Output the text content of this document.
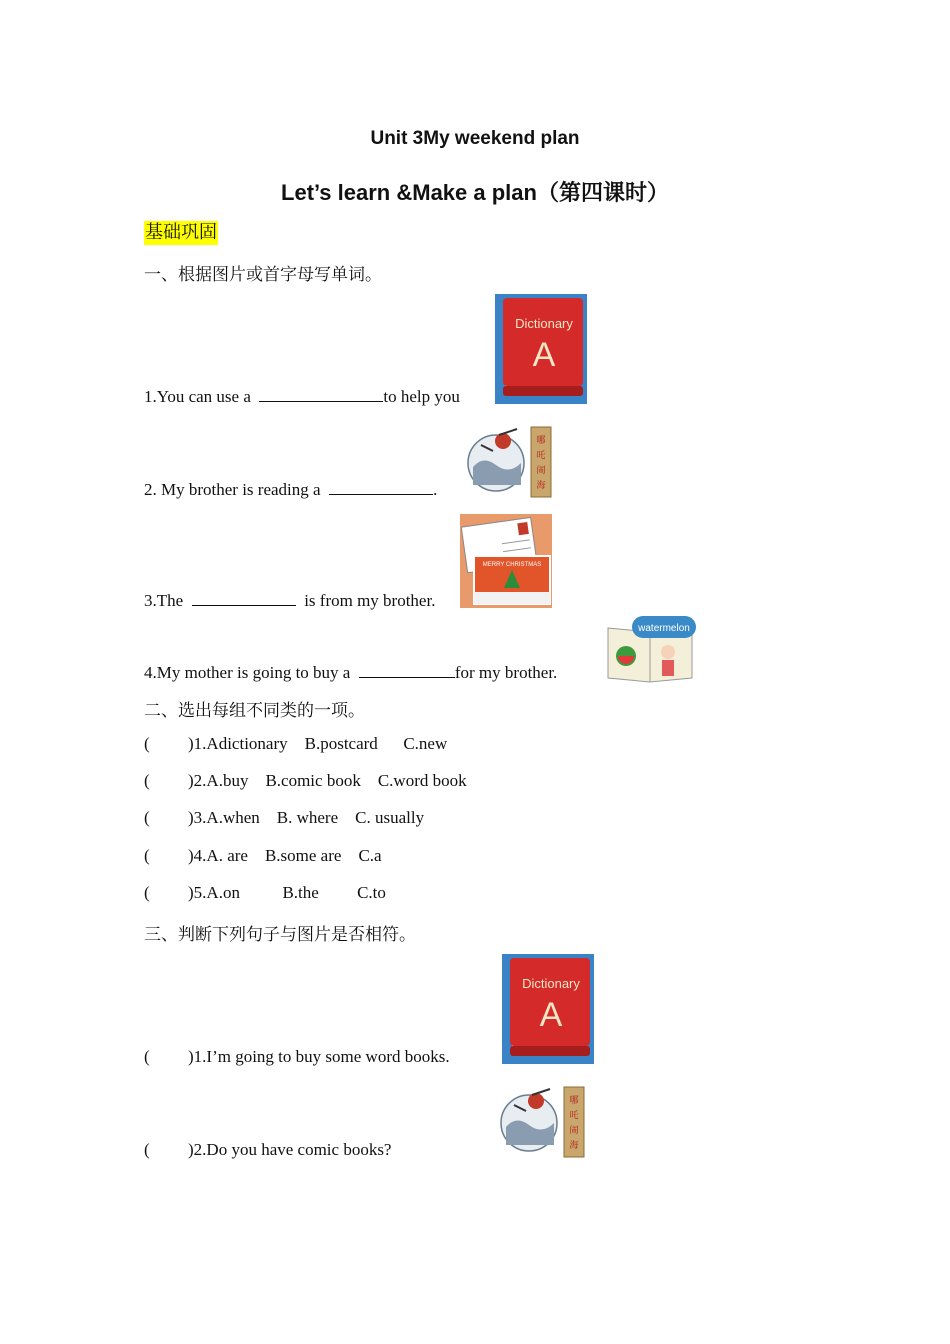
Unit 3My weekend plan
Let’s learn &Make a plan（第四课时）
基础巩固
一、根据图片或首字母写单词。
Dictionary
A
1.You can use a	to help you
哪
吒
闹
海
2. My brother is reading a	.
MERRY CHRISTMAS
3.The	is from my brother.
watermelon
4.My mother is going to buy a	for my brother.
二、选出每组不同类的一项。
( )1.Adictionary B.postcard C.new
( )2.A.buy B.comic book C.word book
( )3.A.when B. where C. usually
( )4.A. are B.some are C.a
( )5.A.on	B.the C.to
三、判断下列句子与图片是否相符。
Dictionary
A
( )1.I’m going to buy some word books.
哪
吒
闹
海
( )2.Do you have comic books?
